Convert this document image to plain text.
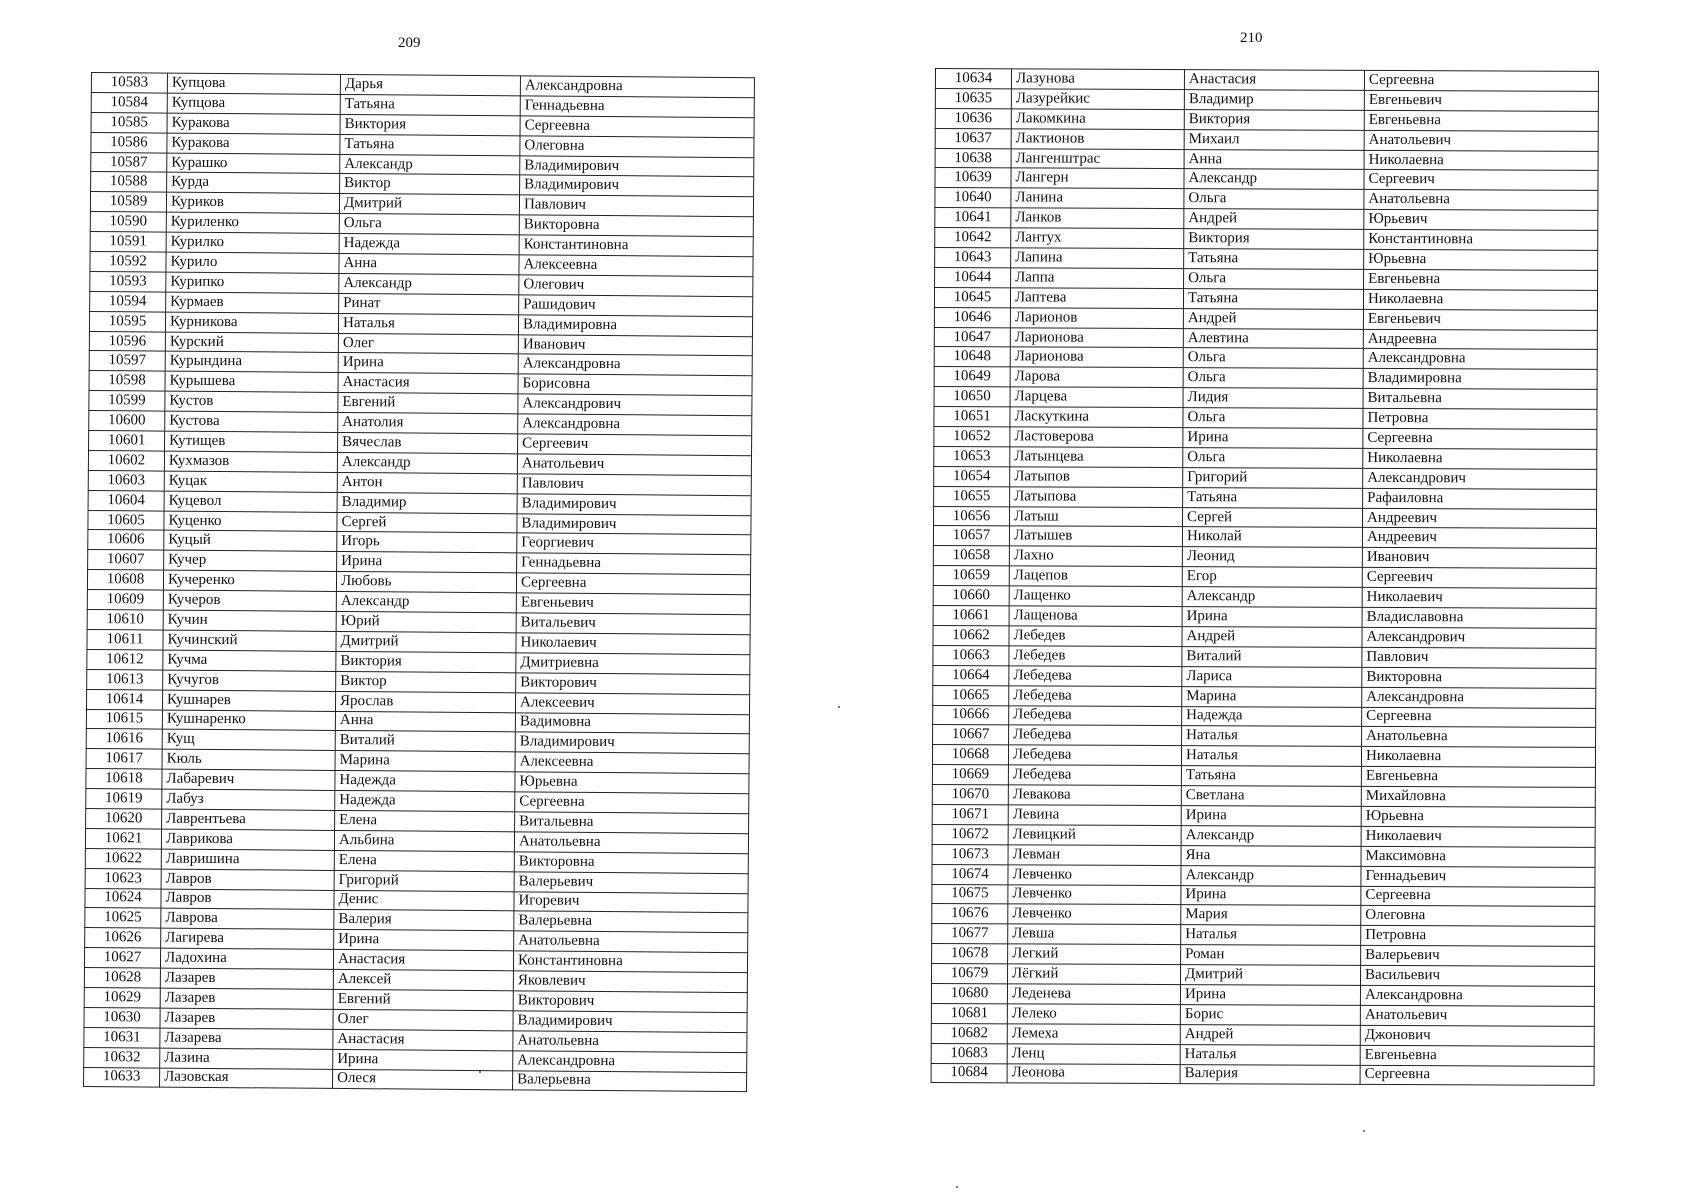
209	210
10583	Купцова	Дарья	Александровна
10584	Купцова	Татьяна	Геннадьевна
10585	Куракова	Виктория	Сергеевна
10586	Куракова	Татьяна	Олеговна
10587	Курашко	Александр	Владимирович
10588	Курда	Виктор	Владимирович
10589	Куриков	Дмитрий	Павлович
10590	Куриленко	Ольга	Викторовна
10591	Курилко	Надежда	Константиновна
10592	Курило	Анна	Алексеевна
10593	Курипко	Александр	Олегович
10594	Курмаев	Ринат	Рашидович
10595	Курникова	Наталья	Владимировна
10596	Курский	Олег	Иванович
10597	Курындина	Ирина	Александровна
10598	Курышева	Анастасия	Борисовна
10599	Кустов	Евгений	Александрович
10600	Кустова	Анатолия	Александровна
10601	Кутищев	Вячеслав	Сергеевич
10602	Кухмазов	Александр	Анатольевич
10603	Куцак	Антон	Павлович
10604	Куцевол	Владимир	Владимирович
10605	Куценко	Сергей	Владимирович
10606	Куцый	Игорь	Георгиевич
10607	Кучер	Ирина	Геннадьевна
10608	Кучеренко	Любовь	Сергеевна
10609	Кучеров	Александр	Евгеньевич
10610	Кучин	Юрий	Витальевич
10611	Кучинский	Дмитрий	Николаевич
10612	Кучма	Виктория	Дмитриевна
10613	Кучугов	Виктор	Викторович
10614	Кушнарев	Ярослав	Алексеевич
10615	Кушнаренко	Анна	Вадимовна
10616	Кущ	Виталий	Владимирович
10617	Кюль	Марина	Алексеевна
10618	Лабаревич	Надежда	Юрьевна
10619	Лабуз	Надежда	Сергеевна
10620	Лаврентьева	Елена	Витальевна
10621	Лаврикова	Альбина	Анатольевна
10622	Лавришина	Елена	Викторовна
10623	Лавров	Григорий	Валерьевич
10624	Лавров	Денис	Игоревич
10625	Лаврова	Валерия	Валерьевна
10626	Лагирева	Ирина	Анатольевна
10627	Ладохина	Анастасия	Константиновна
10628	Лазарев	Алексей	Яковлевич
10629	Лазарев	Евгений	Викторович
10630	Лазарев	Олег	Владимирович
10631	Лазарева	Анастасия	Анатольевна
10632	Лазина	Ирина	Александровна
10633	Лазовская	Олеся	Валерьевна
10634	Лазунова	Анастасия	Сергеевна
10635	Лазурейкис	Владимир	Евгеньевич
10636	Лакомкина	Виктория	Евгеньевна
10637	Лактионов	Михаил	Анатольевич
10638	Лангенштрас	Анна	Николаевна
10639	Лангерн	Александр	Сергеевич
10640	Ланина	Ольга	Анатольевна
10641	Ланков	Андрей	Юрьевич
10642	Лантух	Виктория	Константиновна
10643	Лапина	Татьяна	Юрьевна
10644	Лаппа	Ольга	Евгеньевна
10645	Лаптева	Татьяна	Николаевна
10646	Ларионов	Андрей	Евгеньевич
10647	Ларионова	Алевтина	Андреевна
10648	Ларионова	Ольга	Александровна
10649	Ларова	Ольга	Владимировна
10650	Ларцева	Лидия	Витальевна
10651	Ласкуткина	Ольга	Петровна
10652	Ластоверова	Ирина	Сергеевна
10653	Латынцева	Ольга	Николаевна
10654	Латыпов	Григорий	Александрович
10655	Латыпова	Татьяна	Рафаиловна
10656	Латыш	Сергей	Андреевич
10657	Латышев	Николай	Андреевич
10658	Лахно	Леонид	Иванович
10659	Лацепов	Егор	Сергеевич
10660	Лащенко	Александр	Николаевич
10661	Лащенова	Ирина	Владиславовна
10662	Лебедев	Андрей	Александрович
10663	Лебедев	Виталий	Павлович
10664	Лебедева	Лариса	Викторовна
10665	Лебедева	Марина	Александровна
10666	Лебедева	Надежда	Сергеевна
10667	Лебедева	Наталья	Анатольевна
10668	Лебедева	Наталья	Николаевна
10669	Лебедева	Татьяна	Евгеньевна
10670	Левакова	Светлана	Михайловна
10671	Левина	Ирина	Юрьевна
10672	Левицкий	Александр	Николаевич
10673	Левман	Яна	Максимовна
10674	Левченко	Александр	Геннадьевич
10675	Левченко	Ирина	Сергеевна
10676	Левченко	Мария	Олеговна
10677	Левша	Наталья	Петровна
10678	Легкий	Роман	Валерьевич
10679	Лёгкий	Дмитрий	Васильевич
10680	Леденева	Ирина	Александровна
10681	Лелеко	Борис	Анатольевич
10682	Лемеха	Андрей	Джонович
10683	Ленц	Наталья	Евгеньевна
10684	Леонова	Валерия	Сергеевна
